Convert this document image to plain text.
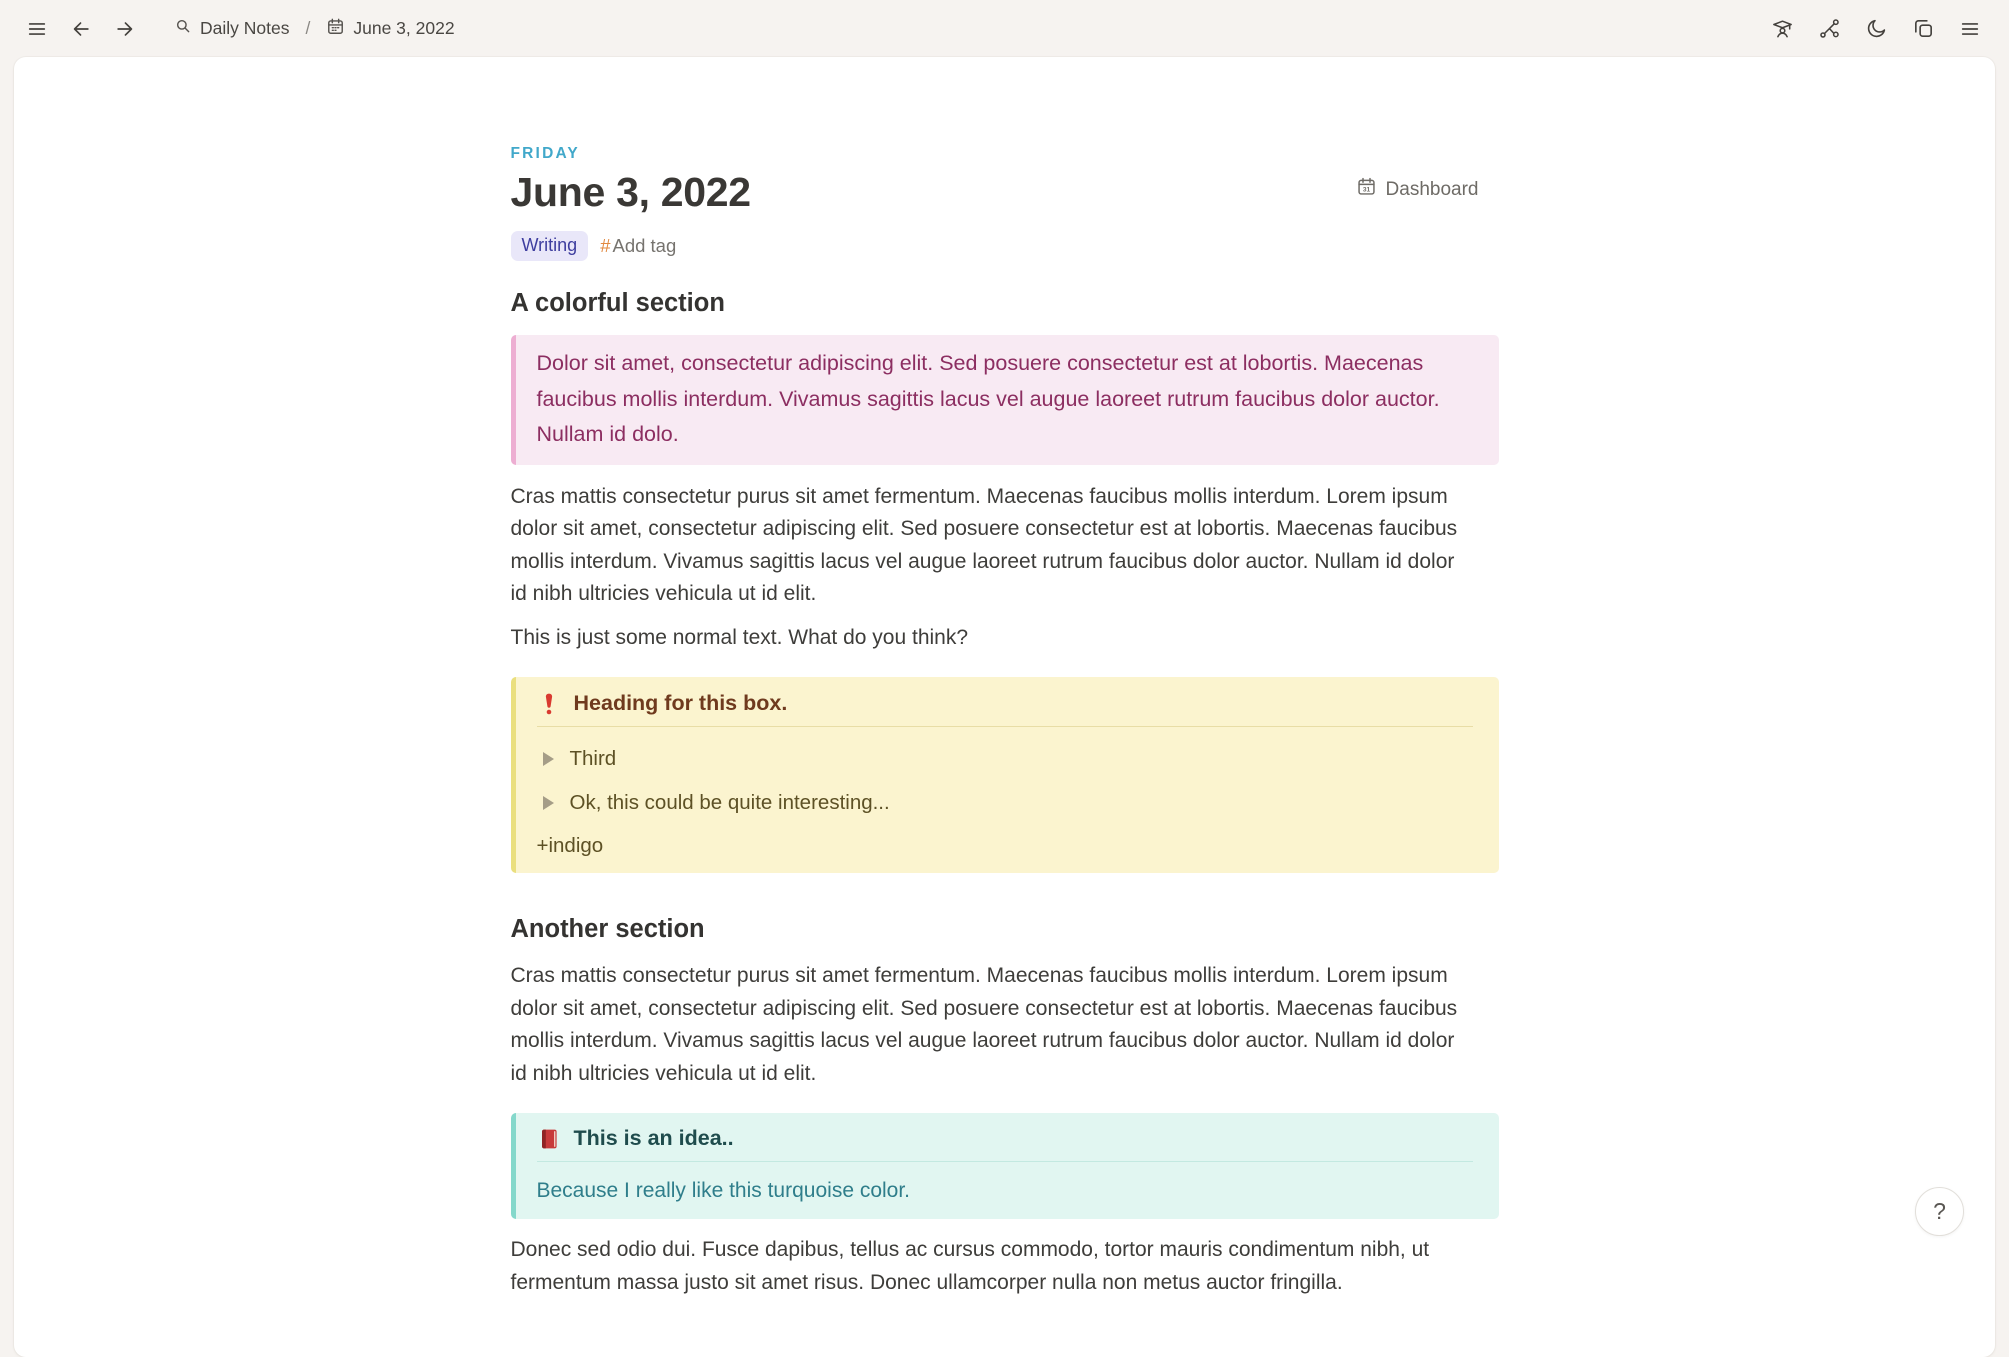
Daily Notes / June 3, 2022
FRIDAY
June 3, 2022	31 Dashboard
Writing	# Add tag
A colorful section
Dolor sit amet, consectetur adipiscing elit. Sed posuere consectetur est at lobortis. Maecenas faucibus mollis interdum. Vivamus sagittis lacus vel augue laoreet rutrum faucibus dolor auctor. Nullam id dolo.

Cras mattis consectetur purus sit amet fermentum. Maecenas faucibus mollis interdum. Lorem ipsum dolor sit amet, consectetur adipiscing elit. Sed posuere consectetur est at lobortis. Maecenas faucibus mollis interdum. Vivamus sagittis lacus vel augue laoreet rutrum faucibus dolor auctor. Nullam id dolor id nibh ultricies vehicula ut id elit.

This is just some normal text. What do you think?

Heading for this box.
Third
Ok, this could be quite interesting...
+indigo
Another section

Cras mattis consectetur purus sit amet fermentum. Maecenas faucibus mollis interdum. Lorem ipsum dolor sit amet, consectetur adipiscing elit. Sed posuere consectetur est at lobortis. Maecenas faucibus mollis interdum. Vivamus sagittis lacus vel augue laoreet rutrum faucibus dolor auctor. Nullam id dolor id nibh ultricies vehicula ut id elit.

This is an idea..
Because I really like this turquoise color.

Donec sed odio dui. Fusce dapibus, tellus ac cursus commodo, tortor mauris condimentum nibh, ut fermentum massa justo sit amet risus. Donec ullamcorper nulla non metus auctor fringilla.

?
